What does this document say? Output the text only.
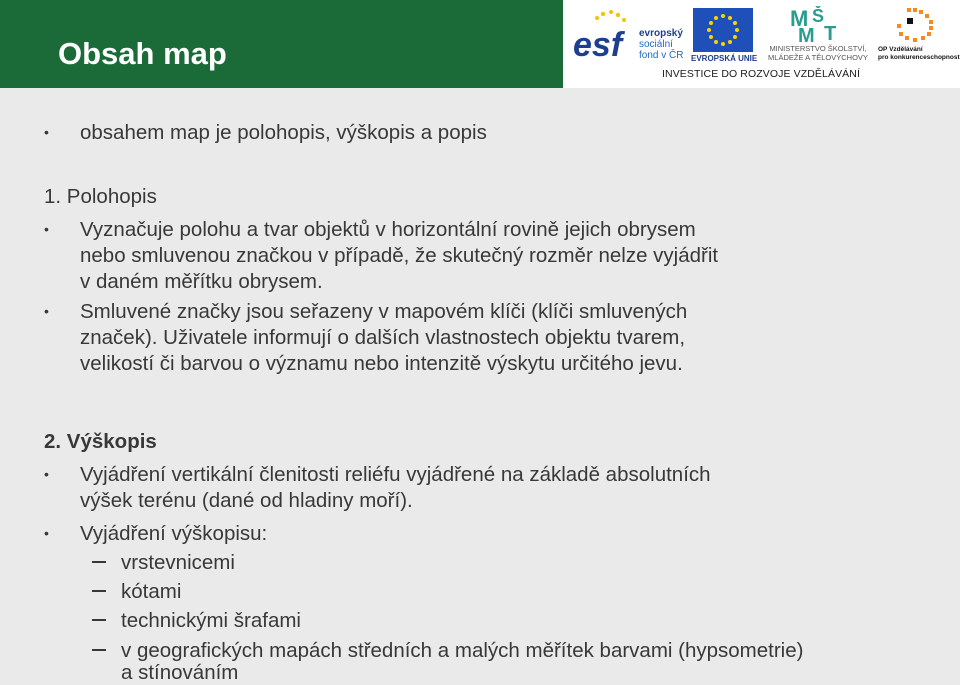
Obsah map	esf	evropský
sociální
fond v ČR EVROPSKÁ UNIE
M Š
M T
MINISTERSTVO ŠKOLSTVÍ,
MLÁDEŽE A TĚLOVÝCHOVY
OP Vzdělávání
pro konkurenceschopnost
INVESTICE DO ROZVOJE VZDĚLÁVÁNÍ
• obsahem map je polohopis, výškopis a popis

1. Polohopis

• Vyznačuje polohu a tvar objektů v horizontální rovině jejich obrysem

nebo smluvenou značkou v případě, že skutečný rozměr nelze vyjádřit

v daném měřítku obrysem.

• Smluvené značky jsou seřazeny v mapovém klíči (klíči smluvených

značek). Uživatele informují o dalších vlastnostech objektu tvarem,

velikostí či barvou o významu nebo intenzitě výskytu určitého jevu.

2. Výškopis

• Vyjádření vertikální členitosti reliéfu vyjádřené na základě absolutních

výšek terénu (dané od hladiny moří).

• Vyjádření výškopisu:

vrstevnicemi

kótami

technickými šrafami

v geografických mapách středních a malých měřítek barvami (hypsometrie)

a stínováním
